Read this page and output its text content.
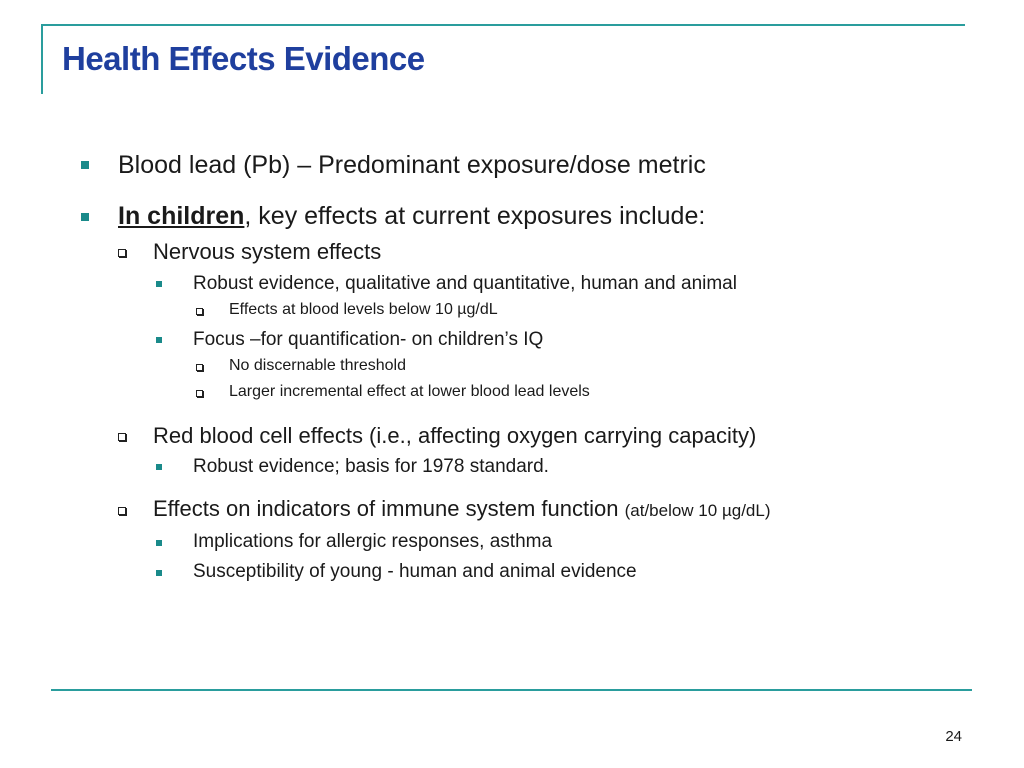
Health Effects Evidence
Blood lead (Pb) – Predominant exposure/dose metric
In children, key effects at current exposures include:
Nervous system effects
Robust evidence, qualitative and quantitative, human and animal
Effects at blood levels below 10 µg/dL
Focus –for quantification- on children’s IQ
No discernable threshold
Larger incremental effect at lower blood lead levels
Red blood cell effects (i.e., affecting oxygen carrying capacity)
Robust evidence; basis for 1978 standard.
Effects on indicators of immune system function (at/below 10 µg/dL)
Implications for allergic responses, asthma
Susceptibility of young - human and animal evidence
24
